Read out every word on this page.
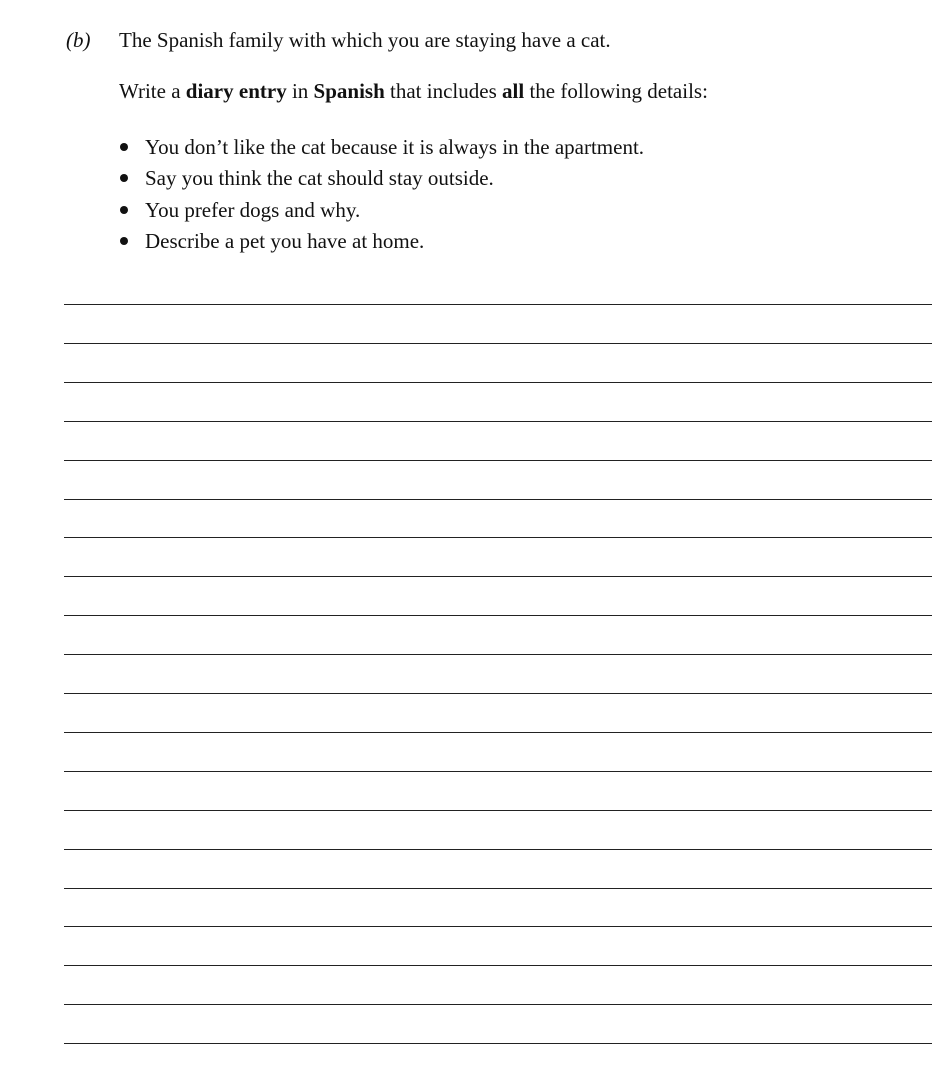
(b) The Spanish family with which you are staying have a cat.
Write a diary entry in Spanish that includes all the following details:
You don’t like the cat because it is always in the apartment.
Say you think the cat should stay outside.
You prefer dogs and why.
Describe a pet you have at home.
